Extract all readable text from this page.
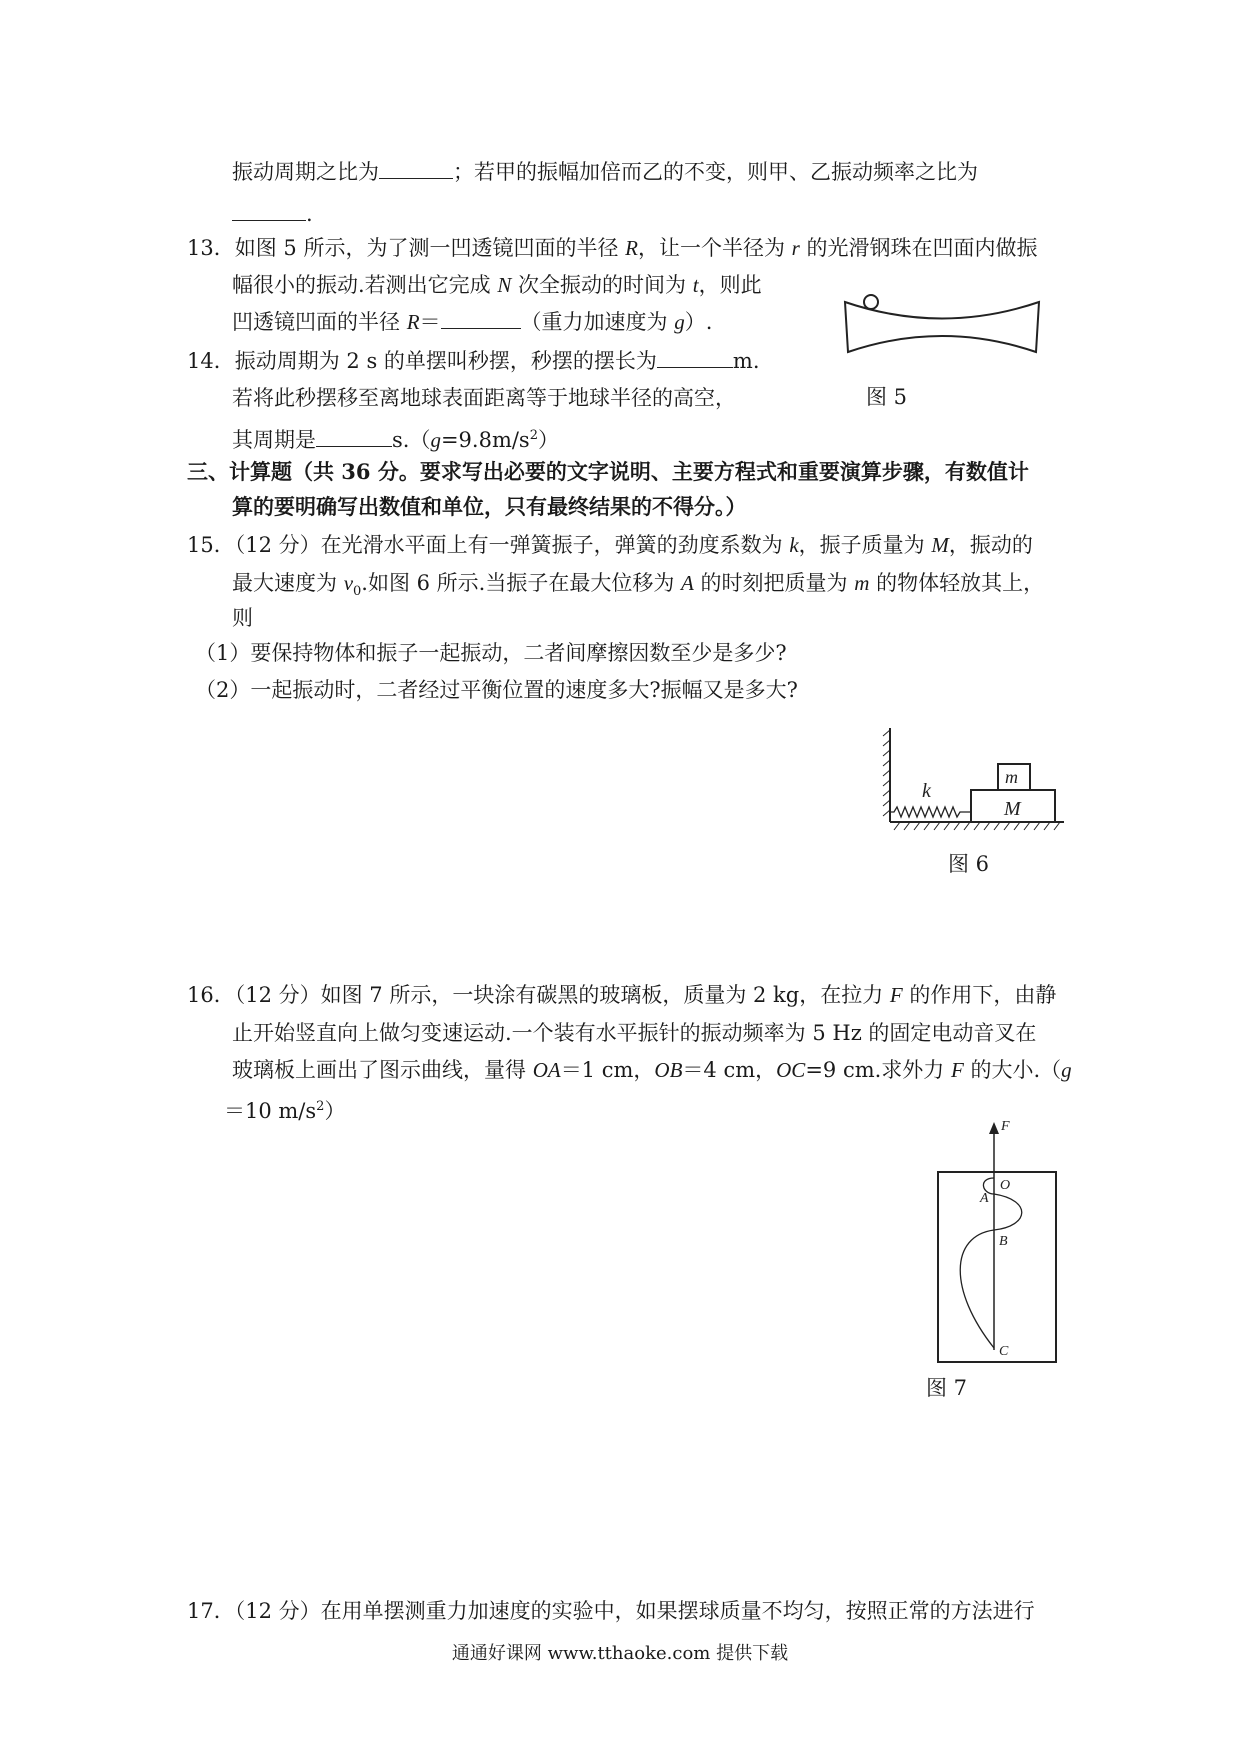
振动周期之比为	；若甲的振幅加倍而乙的不变，则甲、乙振动频率之比为
.
13．如图 5 所示，为了测一凹透镜凹面的半径 R，让一个半径为 r 的光滑钢珠在凹面内做振
幅很小的振动.若测出它完成 N 次全振动的时间为 t，则此
凹透镜凹面的半径 R＝	（重力加速度为 g）.
图 5
14．振动周期为 2 s 的单摆叫秒摆，秒摆的摆长为	m.
若将此秒摆移至离地球表面距离等于地球半径的高空，
其周期是	$s.(g=9.8m/s^2)$
三、计算题（共 36 分。要求写出必要的文字说明、主要方程式和重要演算步骤，有数值计
算的要明确写出数值和单位，只有最终结果的不得分。）
15．（12 分）在光滑水平面上有一弹簧振子，弹簧的劲度系数为 k，振子质量为 M，振动的
最大速度为 $v_0$.如图 6 所示.当振子在最大位移为 A 的时刻把质量为 m 的物体轻放其上，
则
（1）要保持物体和振子一起振动，二者间摩擦因数至少是多少?
（2）一起振动时，二者经过平衡位置的速度多大?振幅又是多大?
k
m
M
图 6
16．（12 分）如图 7 所示，一块涂有碳黑的玻璃板，质量为 2 kg，在拉力 F 的作用下，由静
止开始竖直向上做匀变速运动.一个装有水平振针的振动频率为 5 Hz 的固定电动音叉在
玻璃板上画出了图示曲线，量得 OA＝1 cm，OB＝4 cm，OC=9 cm.求外力 F 的大小.（g
＝10 $m/s^2$）
F
O
A
B
C
图 7
17．（12 分）在用单摆测重力加速度的实验中，如果摆球质量不均匀，按照正常的方法进行
通通好课网 www.tthaoke.com 提供下载
